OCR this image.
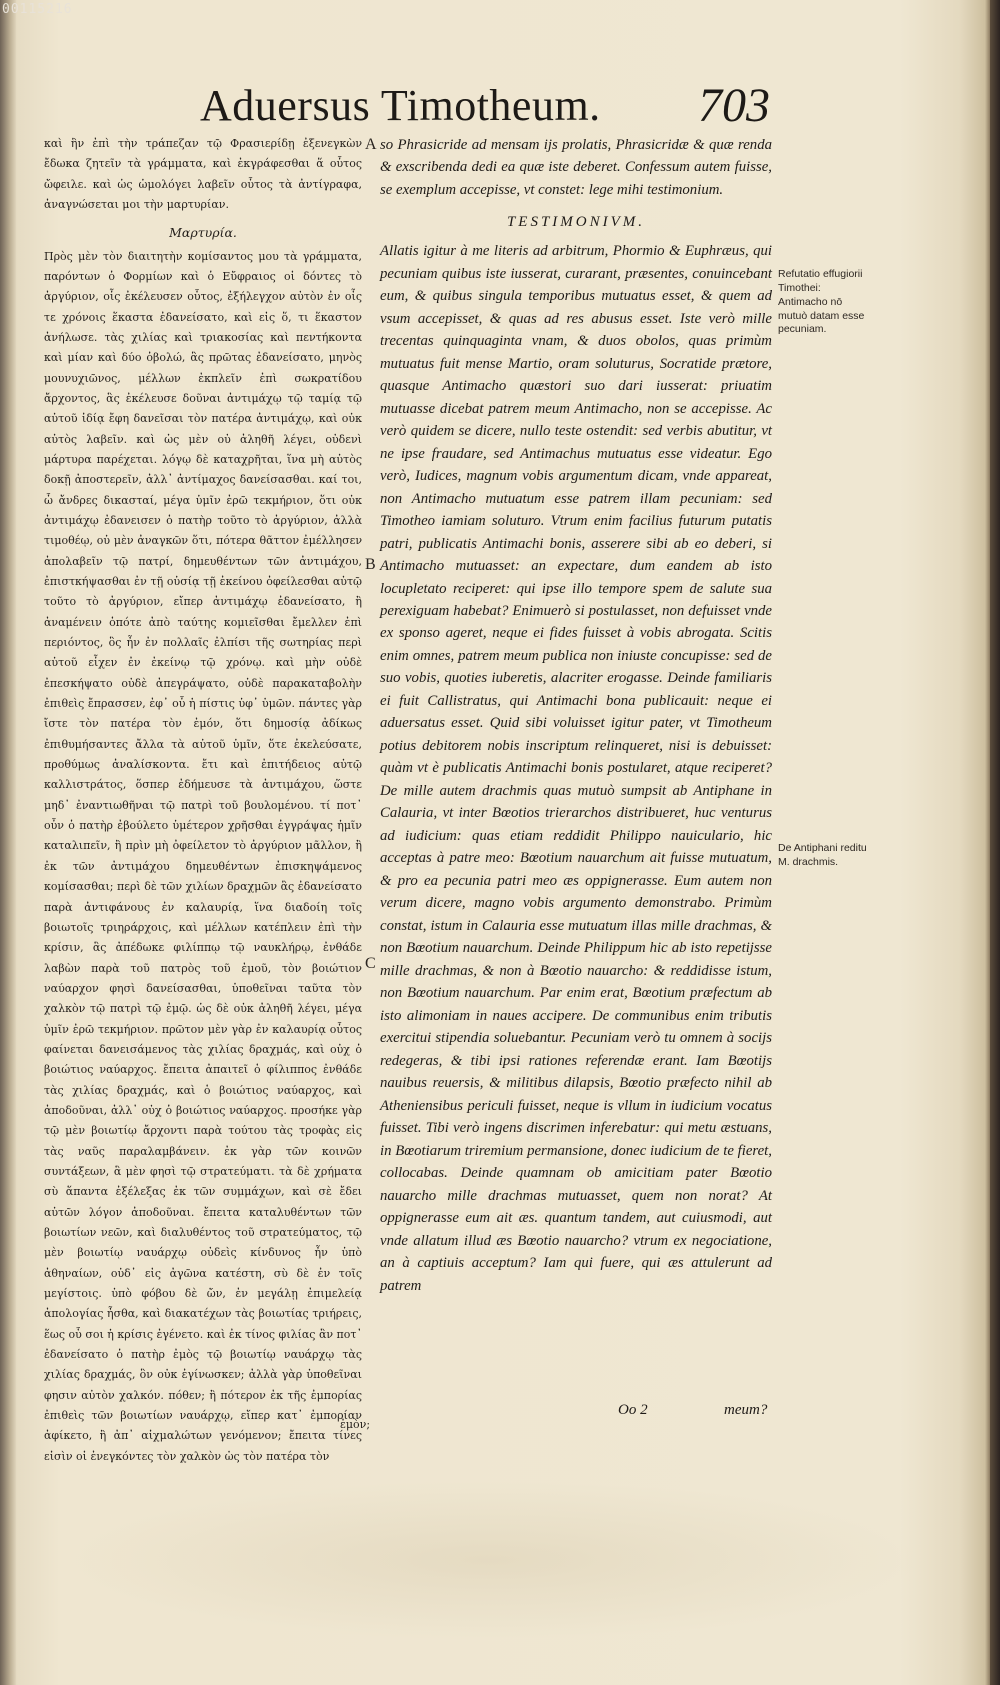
Aduersus Timotheum.	703

καὶ ἣν ἐπὶ τὴν τράπεζαν τῷ Φρασιερίδῃ ἐξενεγκὼν ἔδωκα ζητεῖν τὰ γράμματα, καὶ ἐκγράφεσθαι ἅ οὗτος ὤφειλε. καὶ ὡς ὡμολόγει λαβεῖν οὗτος τὰ ἀντίγραφα, ἀναγνώσεται μοι τὴν μαρτυρίαν.

Μαρτυρία.

Πρὸς μὲν τὸν διαιτητὴν κομίσαντος μου τὰ γράμματα, παρόντων ὁ Φορμίων καὶ ὁ Εὔφραιος οἱ δόντες τὸ ἀργύριον, οἷς ἐκέλευσεν οὗτος, ἐξήλεγχον αὐτὸν ἐν οἷς τε χρόνοις ἕκαστα ἐδανείσατο, καὶ εἰς ὅ, τι ἕκαστον ἀνήλωσε. τὰς χιλίας καὶ τριακοσίας καὶ πεντήκοντα καὶ μίαν καὶ δύο ὀβολώ, ἃς πρῶτας ἐδανείσατο, μηνὸς μουνυχιῶνος, μέλλων ἐκπλεῖν ἐπὶ σωκρατίδου ἄρχοντος, ἃς ἐκέλευσε δοῦναι ἀντιμάχῳ τῷ ταμίᾳ τῷ αὐτοῦ ἰδίᾳ ἔφη δανεῖσαι τὸν πατέρα ἀντιμάχῳ, καὶ οὐκ αὐτὸς λαβεῖν. καὶ ὡς μὲν οὐ ἀληθῆ λέγει, οὐδενὶ μάρτυρα παρέχεται. λόγῳ δὲ καταχρῆται, ἵνα μὴ αὐτὸς δοκῇ ἀποστερεῖν, ἀλλ᾽ ἀντίμαχος δανείσασθαι. καί τοι, ὦ ἄνδρες δικασταί, μέγα ὑμῖν ἐρῶ τεκμήριον, ὅτι οὐκ ἀντιμάχῳ ἐδανεισεν ὁ πατὴρ τοῦτο τὸ ἀργύριον, ἀλλὰ τιμοθέῳ, οὐ μὲν ἀναγκῶν ὅτι, πότερα θᾶττον ἐμέλλησεν ἀπολαβεῖν τῷ πατρί, δημευθέντων τῶν ἀντιμάχου, ἐπιστκήψασθαι ἐν τῇ οὐσίᾳ τῇ ἐκείνου ὀφείλεσθαι αὐτῷ τοῦτο τὸ ἀργύριον, εἴπερ ἀντιμάχῳ ἐδανείσατο, ἢ ἀναμένειν ὁπότε ἀπὸ ταύτης κομιεῖσθαι ἔμελλεν ἐπὶ περιόντος, ὃς ἦν ἐν πολλαῖς ἐλπίσι τῆς σωτηρίας περὶ αὐτοῦ εἶχεν ἐν ἐκείνῳ τῷ χρόνῳ. καὶ μὴν οὐδὲ ἐπεσκήψατο οὐδὲ ἀπεγράψατο, οὐδὲ παρακαταβολὴν ἐπιθεὶς ἔπρασσεν, ἐφ᾽ οὗ ἡ πίστις ὑφ᾽ ὑμῶν. πάντες γὰρ ἴστε τὸν πατέρα τὸν ἐμόν, ὅτι δημοσίᾳ ἀδίκως ἐπιθυμήσαντες ἄλλα τὰ αὐτοῦ ὑμῖν, ὅτε ἐκελεύσατε, προθύμως ἀναλίσκοντα. ἔτι καὶ ἐπιτήδειος αὐτῷ καλλιστράτος, ὅσπερ ἐδήμευσε τὰ ἀντιμάχου, ὥστε μηδ᾽ ἐναντιωθῆναι τῷ πατρὶ τοῦ βουλομένου. τί ποτ᾽ οὖν ὁ πατὴρ ἐβούλετο ὑμέτερον χρῆσθαι ἐγγράψας ἡμῖν καταλιπεῖν, ἢ πρὶν μὴ ὀφείλετον τὸ ἀργύριον μᾶλλον, ἢ ἐκ τῶν ἀντιμάχου δημευθέντων ἐπισκηψάμενος κομίσασθαι; περὶ δὲ τῶν χιλίων δραχμῶν ἃς ἐδανείσατο παρὰ ἀντιφάνους ἐν καλαυρίᾳ, ἵνα διαδοίη τοῖς βοιωτοῖς τριηράρχοις, καὶ μέλλων κατέπλειν ἐπὶ τὴν κρίσιν, ἃς ἀπέδωκε φιλίππῳ τῷ ναυκλήρῳ, ἐνθάδε λαβὼν παρὰ τοῦ πατρὸς τοῦ ἐμοῦ, τὸν βοιώτιον ναύαρχον φησὶ δανείσασθαι, ὑποθεῖναι ταῦτα τὸν χαλκὸν τῷ πατρὶ τῷ ἐμῷ. ὡς δὲ οὐκ ἀληθῆ λέγει, μέγα ὑμῖν ἐρῶ τεκμήριον. πρῶτον μὲν γὰρ ἐν καλαυρίᾳ οὗτος φαίνεται δανεισάμενος τὰς χιλίας δραχμάς, καὶ οὐχ ὁ βοιώτιος ναύαρχος. ἔπειτα ἀπαιτεῖ ὁ φίλιππος ἐνθάδε τὰς χιλίας δραχμάς, καὶ ὁ βοιώτιος ναύαρχος, καὶ ἀποδοῦναι, ἀλλ᾽ οὐχ ὁ βοιώτιος ναύαρχος. προσήκε γὰρ τῷ μὲν βοιωτίῳ ἄρχοντι παρὰ τούτου τὰς τροφὰς εἰς τὰς ναῦς παραλαμβάνειν. ἐκ γὰρ τῶν κοινῶν συντάξεων, ἃ μὲν φησὶ τῷ στρατεύματι. τὰ δὲ χρήματα σὺ ἅπαντα ἐξέλεξας ἐκ τῶν συμμάχων, καὶ σὲ ἔδει αὐτῶν λόγον ἀποδοῦναι. ἔπειτα καταλυθέντων τῶν βοιωτίων νεῶν, καὶ διαλυθέντος τοῦ στρατεύματος, τῷ μὲν βοιωτίῳ ναυάρχῳ οὐδεὶς κίνδυνος ἦν ὑπὸ ἀθηναίων, οὐδ᾽ εἰς ἀγῶνα κατέστη, σὺ δὲ ἐν τοῖς μεγίστοις. ὑπὸ φόβου δὲ ὤν, ἐν μεγάλῃ ἐπιμελείᾳ ἀπολογίας ἦσθα, καὶ διακατέχων τὰς βοιωτίας τριήρεις, ἕως οὗ σοι ἡ κρίσις ἐγένετο. καὶ ἐκ τίνος φιλίας ἂν ποτ᾽ ἐδανείσατο ὁ πατὴρ ἐμὸς τῷ βοιωτίῳ ναυάρχῳ τὰς χιλίας δραχμάς, ὃν οὐκ ἐγίνωσκεν; ἀλλὰ γὰρ ὑποθεῖναι φησιν αὐτὸν χαλκόν. πόθεν; ἢ πότερον ἐκ τῆς ἐμπορίας ἐπιθεὶς τῶν βοιωτίων ναυάρχῳ, εἴπερ κατ᾽ ἐμπορίαν ἀφίκετο, ἢ ἀπ᾽ αἰχμαλώτων γενόμενον; ἔπειτα τίνες εἰσὶν οἱ ἐνεγκόντες τὸν χαλκὸν ὡς τὸν πατέρα τὸν

A
B
C

so Phrasicride ad mensam ijs prolatis, Phrasicridæ & quæ renda & exscribenda dedi ea quæ iste deberet. Confessum autem fuisse, se exemplum accepisse, vt constet: lege mihi testimonium.

TESTIMONIVM.

Allatis igitur à me literis ad arbitrum, Phormio & Euphræus, qui pecuniam quibus iste iusserat, curarant, præsentes, conuincebant eum, & quibus singula temporibus mutuatus esset, & quem ad vsum accepisset, & quas ad res abusus esset. Iste verò mille trecentas quinquaginta vnam, & duos obolos, quas primùm mutuatus fuit mense Martio, oram soluturus, Socratide prætore, quasque Antimacho quæstori suo dari iusserat: priuatim mutuasse dicebat patrem meum Antimacho, non se accepisse. Ac verò quidem se dicere, nullo teste ostendit: sed verbis abutitur, vt ne ipse fraudare, sed Antimachus mutuatus esse videatur. Ego verò, Iudices, magnum vobis argumentum dicam, vnde appareat, non Antimacho mutuatum esse patrem illam pecuniam: sed Timotheo iamiam soluturo. Vtrum enim facilius futurum putatis patri, publicatis Antimachi bonis, asserere sibi ab eo deberi, si Antimacho mutuasset: an expectare, dum eandem ab isto locupletato reciperet: qui ipse illo tempore spem de salute sua perexiguam habebat? Enimuerò si postulasset, non defuisset vnde ex sponso ageret, neque ei fides fuisset à vobis abrogata. Scitis enim omnes, patrem meum publica non iniuste concupisse: sed de suo vobis, quoties iuberetis, alacriter erogasse. Deinde familiaris ei fuit Callistratus, qui Antimachi bona publicauit: neque ei aduersatus esset. Quid sibi voluisset igitur pater, vt Timotheum potius debitorem nobis inscriptum relinqueret, nisi is debuisset: quàm vt è publicatis Antimachi bonis postularet, atque reciperet? De mille autem drachmis quas mutuò sumpsit ab Antiphane in Calauria, vt inter Bœotios trierarchos distribueret, huc venturus ad iudicium: quas etiam reddidit Philippo nauiculario, hic acceptas à patre meo: Bœotium nauarchum ait fuisse mutuatum, & pro ea pecunia patri meo æs oppignerasse. Eum autem non verum dicere, magno vobis argumento demonstrabo. Primùm constat, istum in Calauria esse mutuatum illas mille drachmas, & non Bœotium nauarchum. Deinde Philippum hic ab isto repetijsse mille drachmas, & non à Bœotio nauarcho: & reddidisse istum, non Bœotium nauarchum. Par enim erat, Bœotium præfectum ab isto alimoniam in naues accipere. De communibus enim tributis exercitui stipendia soluebantur. Pecuniam verò tu omnem à socijs redegeras, & tibi ipsi rationes referendæ erant. Iam Bœotijs nauibus reuersis, & militibus dilapsis, Bœotio præfecto nihil ab Atheniensibus periculi fuisset, neque is vllum in iudicium vocatus fuisset. Tibi verò ingens discrimen inferebatur: qui metu æstuans, in Bœotiarum triremium permansione, donec iudicium de te fieret, collocabas. Deinde quamnam ob amicitiam pater Bœotio nauarcho mille drachmas mutuasset, quem non norat? At oppignerasse eum ait æs. quantum tandem, aut cuiusmodi, aut vnde allatum illud æs Bœotio nauarcho? vtrum ex negociatione, an à captiuis acceptum? Iam qui fuere, qui æs attulerunt ad patrem

Refutatio effugiorii Timothei: Antimacho nō mutuò datam esse pecuniam.
De Antiphani reditu M. drachmis.
Oo 2	meum?
ἐμὸν;
00115216
